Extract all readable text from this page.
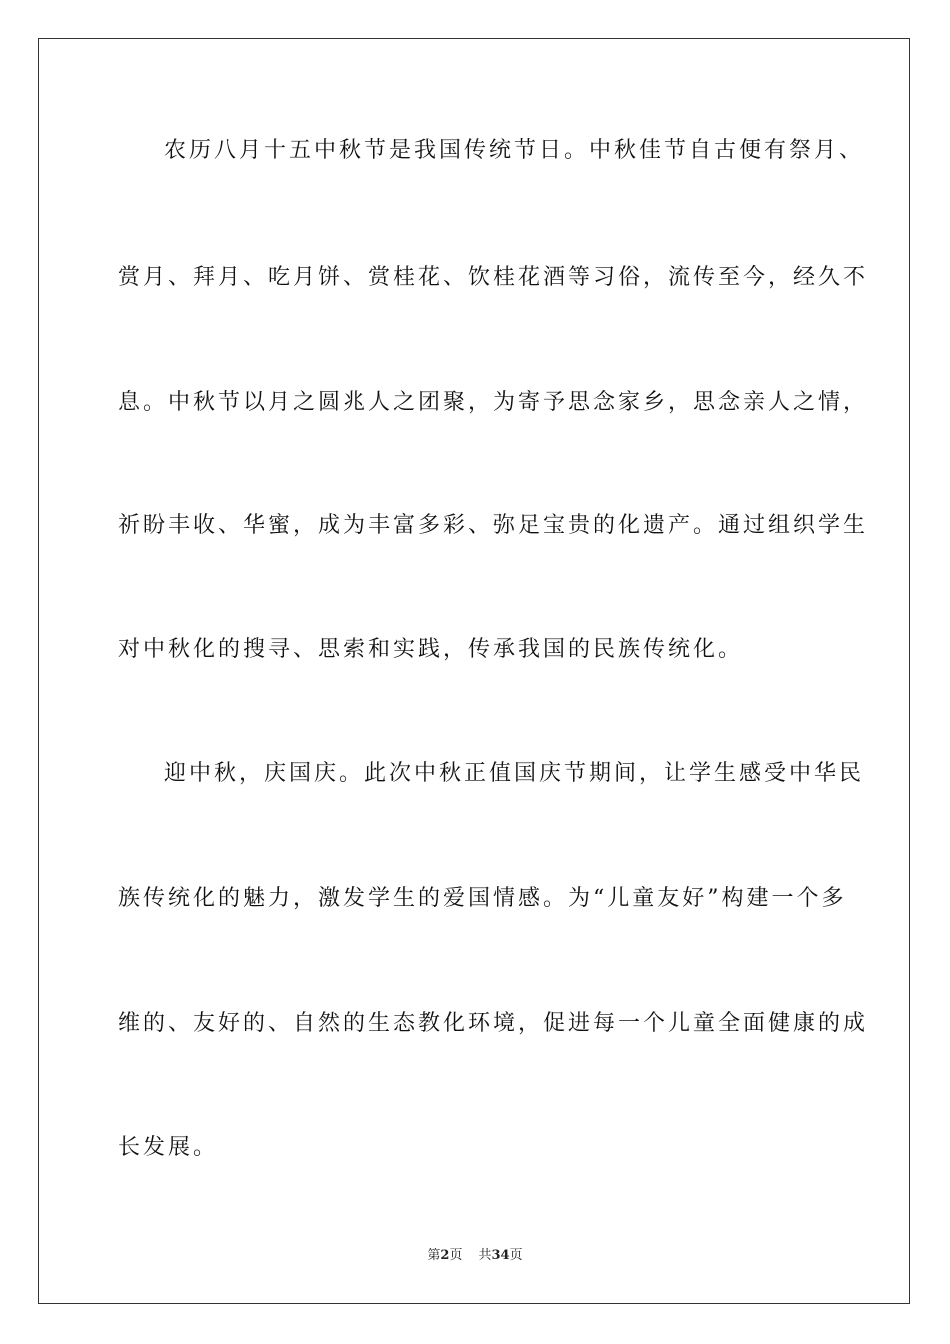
农历八月十五中秋节是我国传统节日。中秋佳节自古便有祭月、
赏月、拜月、吃月饼、赏桂花、饮桂花酒等习俗，流传至今，经久不
息。中秋节以月之圆兆人之团聚，为寄予思念家乡，思念亲人之情，
祈盼丰收、华蜜，成为丰富多彩、弥足宝贵的化遗产。通过组织学生
对中秋化的搜寻、思索和实践，传承我国的民族传统化。
迎中秋，庆国庆。此次中秋正值国庆节期间，让学生感受中华民
族传统化的魅力，激发学生的爱国情感。为“儿童友好”构建一个多
维的、友好的、自然的生态教化环境，促进每一个儿童全面健康的成
长发展。
第2页 共34页
